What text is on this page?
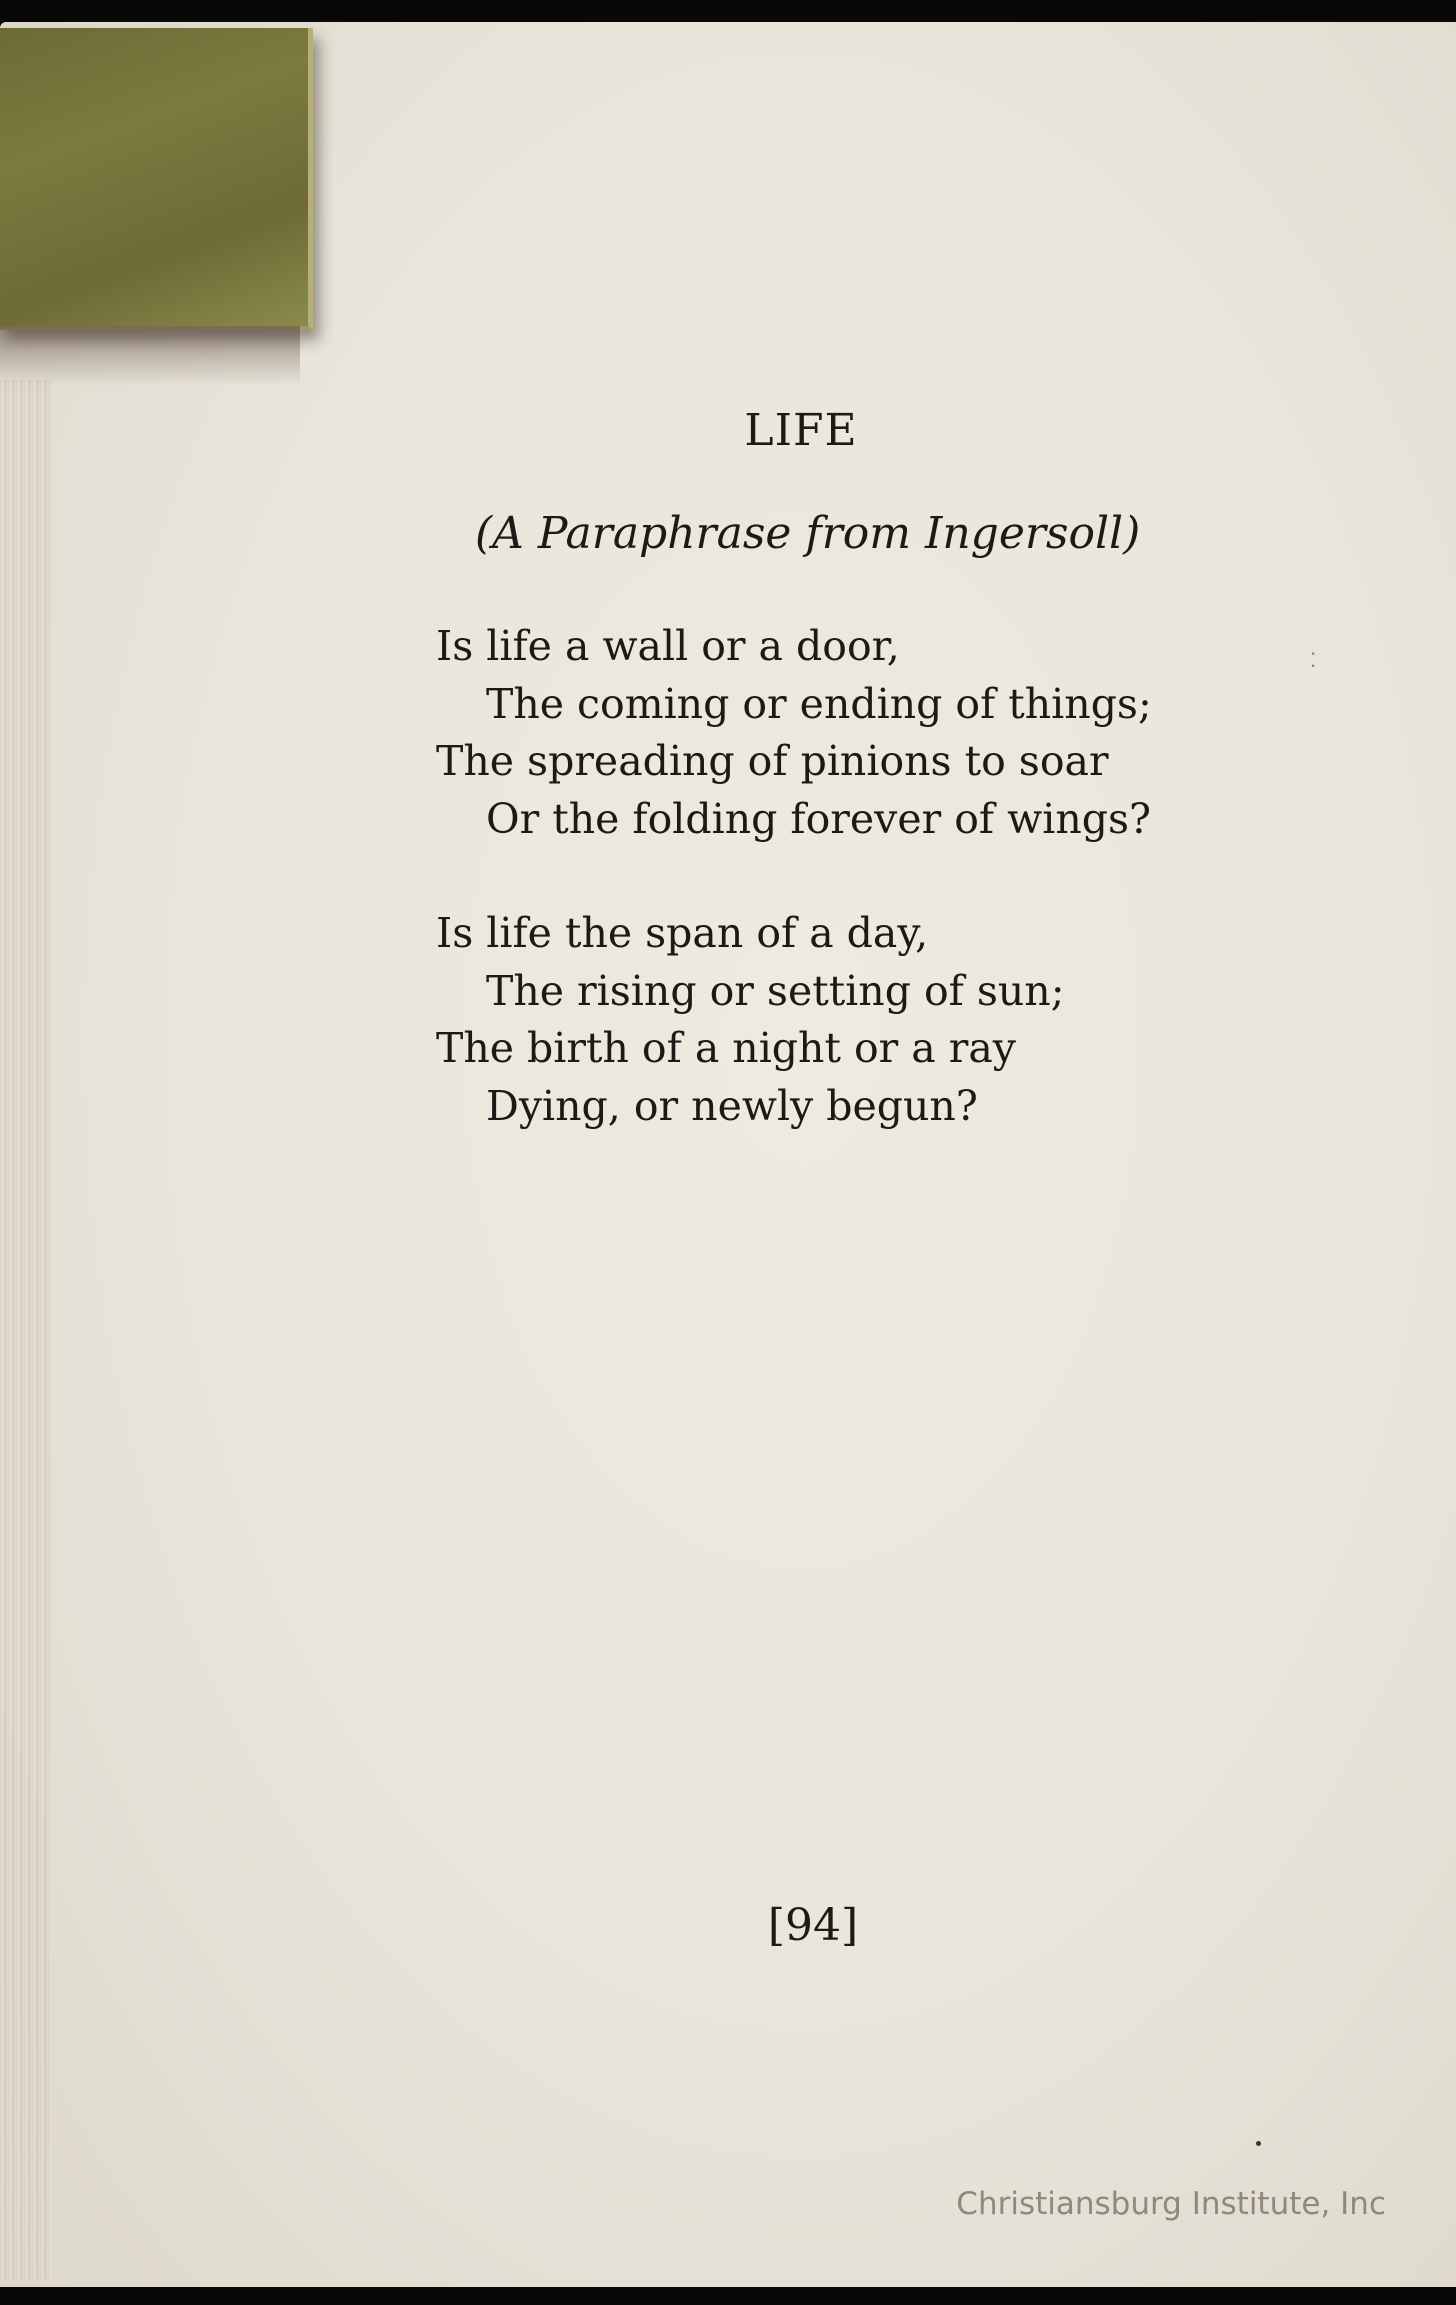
LIFE
(A Paraphrase from Ingersoll)
Is life a wall or a door,
The coming or ending of things;
The spreading of pinions to soar
Or the folding forever of wings?
Is life the span of a day,
The rising or setting of sun;
The birth of a night or a ray
Dying, or newly begun?
⁚
[94]
Christiansburg Institute, Inc
